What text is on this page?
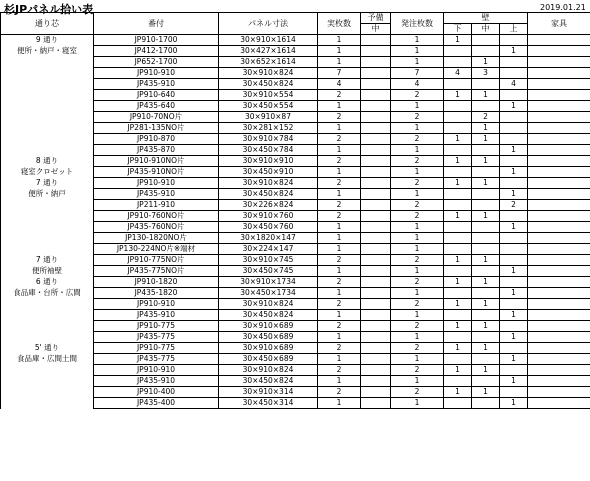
杉JPパネル拾い表	2019.01.21
通り芯	番付	パネル寸法	実枚数	予備	発注枚数	壁			家具
				中		下	中	上	
9 通り	JP910-1700	30×910×1614	1		1	1			
便所・納戸・寝室	JP412-1700	30×427×1614	1		1			1	
	JP652-1700	30×652×1614	1		1		1		
	JP910-910	30×910×824	7		7	4	3		
	JP435-910	30×450×824	4		4			4	
	JP910-640	30×910×554	2		2	1	1		
	JP435-640	30×450×554	1		1			1	
	JP910-70NO片	30×910×87	2		2		2		
	JP281-135NO片	30×281×152	1		1		1		
	JP910-870	30×910×784	2		2	1	1		
	JP435-870	30×450×784	1		1			1	
8 通り	JP910-910NO片	30×910×910	2		2	1	1		
寝室クロゼット	JP435-910NO片	30×450×910	1		1			1	
7 通り	JP910-910	30×910×824	2		2	1	1		
便所・納戸	JP435-910	30×450×824	1		1			1	
	JP211-910	30×226×824	2		2			2	
	JP910-760NO片	30×910×760	2		2	1	1		
	JP435-760NO片	30×450×760	1		1			1	
	JP130-1820NO片	30×1820×147	1		1				
	JP130-224NO片※端材	30×224×147	1		1				
7 通り	JP910-775NO片	30×910×745	2		2	1	1		
便所袖壁	JP435-775NO片	30×450×745	1		1			1	
6 通り	JP910-1820	30×910×1734	2		2	1	1		
食品庫・台所・広間	JP435-1820	30×450×1734	1		1			1	
	JP910-910	30×910×824	2		2	1	1		
	JP435-910	30×450×824	1		1			1	
	JP910-775	30×910×689	2		2	1	1		
	JP435-775	30×450×689	1		1			1	
5' 通り	JP910-775	30×910×689	2		2	1	1		
食品庫・広間土間	JP435-775	30×450×689	1		1			1	
	JP910-910	30×910×824	2		2	1	1		
	JP435-910	30×450×824	1		1			1	
	JP910-400	30×910×314	2		2	1	1		
	JP435-400	30×450×314	1		1			1	
